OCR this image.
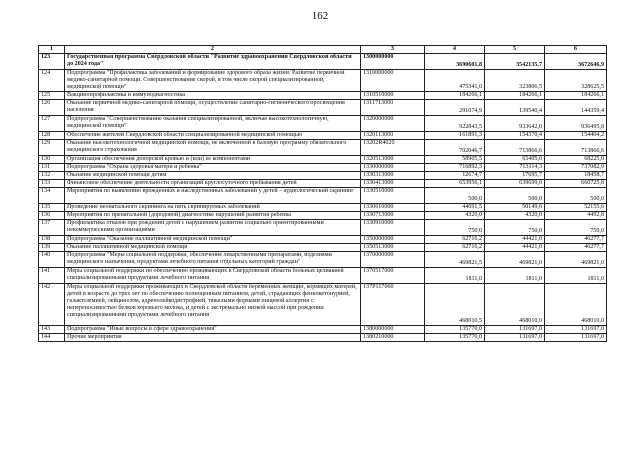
162
1	2	3	4	5	6
123	Государственная программа Свердловской области "Развитие здравоохранения Свердловской области до 2024 года"	1300000000	3690601,8	3542135,7	3672646,9
124	Подпрограмма "Профилактика заболеваний и формирование здорового образа жизни. Развитие первичной медико-санитарной помощи. Совершенствование скорой, в том числе скорой специализированной, медицинской помощи"	1310000000	475341,0	323806,5	328625,5
125	Вакцинопрофилактика и иммунодиагностика	1310510000	184266,1	184266,1	184266,1
126	Оказание первичной медико-санитарной помощи, осуществление санитарно-гигиенического просвещения населения	1311713000	291074,9	139540,4	144359,4
127	Подпрограмма "Совершенствование оказания специализированной, включая высокотехнологичную, медицинской помощи"	1320000000	922843,5	933642,0	936495,8
128	Обеспечение жителей Свердловской области специализированной медицинской помощью	1320113000	161891,3	154370,4	154404,2
129	Оказание высокотехнологичной медицинской помощи, не включенной в базовую программу обязательного медицинского страхования	13202R4020	702046,7	713866,6	713866,6
130	Организация обеспечения донорской кровью и (или) ее компонентами	1320513000	58905,5	65405,0	68225,0
131	Подпрограмма "Охрана здоровья матери и ребенка"	1330000000	716892,3	713114,3	737082,9
132	Оказание медицинской помощи детям	1330313000	12674,7	17695,7	18458,7
133	Финансовое обеспечение деятельности организаций круглосуточного пребывания детей	1330413000	653956,1	639699,0	660725,8
134	Мероприятия по выявлению врожденных и наследственных заболеваний у детей – аудиологический скрининг	1330510000	500,0	500,0	500,0
135	Проведение неонатального скрининга на пять скринируемых заболеваний	1330610000	44691,5	50149,6	52155,6
136	Мероприятия по пренатальной (дородовой) диагностике нарушений развития ребенка	1330713000	4320,0	4320,0	4492,8
137	Профилактика отказов при рождении детей с нарушением развития социально ориентированными некоммерческими организациями	1330910000	750,0	750,0	750,0
138	Подпрограмма "Оказание паллиативной медицинской помощи"	1350000000	62716,2	44421,0	46277,7
139	Оказание паллиативной медицинской помощи	1350513000	62716,2	44421,0	46277,7
140	Подпрограмма "Меры социальной поддержки, обеспечение лекарственными препаратами, изделиями медицинского назначения, продуктами лечебного питания отдельных категорий граждан"	1370000000	469821,5	469821,0	469821,0
141	Меры социальной поддержки по обеспечению проживающих в Свердловской области больных целиакией специализированными продуктами лечебного питания	1370517000	1811,0	1811,0	1811,0
142	Меры социальной поддержки проживающих в Свердловской области беременных женщин, кормящих матерей, детей в возрасте до трех лет по обеспечению полноценным питанием, детей, страдающих фенилкетонурией, галактоземией, лейцинозом, адренолейкодистрофией, тяжелыми формами пищевой аллергии с непереносимостью белков коровьего молока, и детей с экстремально низкой массой при рождении специализированными продуктами лечебного питания	137P117060	468010,5	468010,0	468010,0
143	Подпрограмма "Иные вопросы в сфере здравоохранения"	1380000000	135770,0	131697,0	131697,0
144	Прочие мероприятия	1380210000	135770,0	131697,0	131697,0
